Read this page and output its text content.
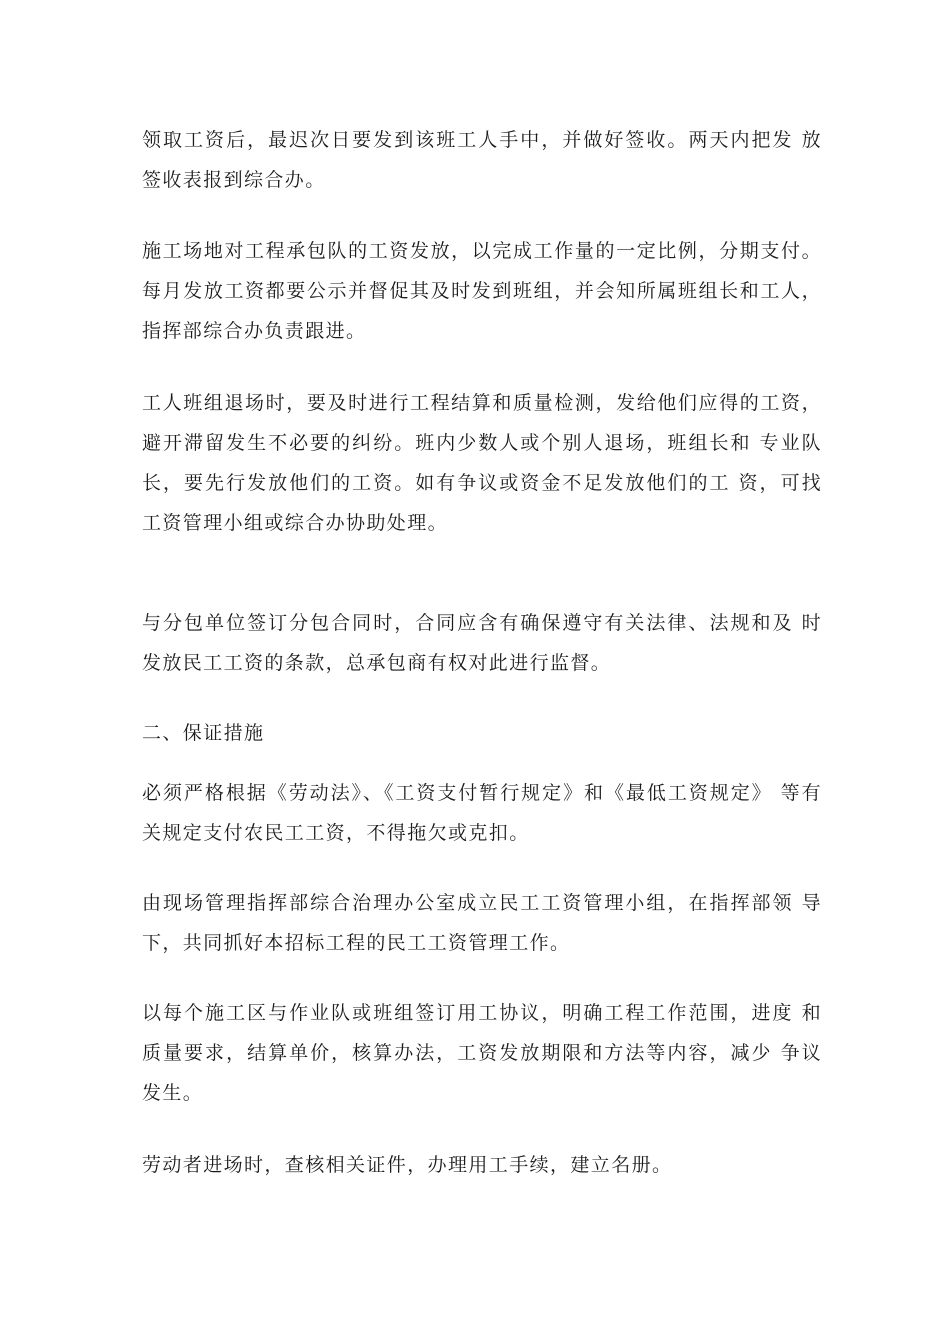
领取工资后，最迟次日要发到该班工人手中，并做好签收。两天内把发 放签收表报到综合办。

施工场地对工程承包队的工资发放，以完成工作量的一定比例，分期支付。每月发放工资都要公示并督促其及时发到班组，并会知所属班组长和工人，指挥部综合办负责跟进。

工人班组退场时，要及时进行工程结算和质量检测，发给他们应得的工资，避开滞留发生不必要的纠纷。班内少数人或个别人退场，班组长和 专业队长，要先行发放他们的工资。如有争议或资金不足发放他们的工 资，可找工资管理小组或综合办协助处理。

与分包单位签订分包合同时，合同应含有确保遵守有关法律、法规和及 时发放民工工资的条款，总承包商有权对此进行监督。

二、保证措施

必须严格根据《劳动法》、《工资支付暂行规定》和《最低工资规定》 等有关规定支付农民工工资，不得拖欠或克扣。

由现场管理指挥部综合治理办公室成立民工工资管理小组，在指挥部领 导下，共同抓好本招标工程的民工工资管理工作。

以每个施工区与作业队或班组签订用工协议，明确工程工作范围，进度 和质量要求，结算单价，核算办法，工资发放期限和方法等内容，减少 争议发生。

劳动者进场时，查核相关证件，办理用工手续，建立名册。
